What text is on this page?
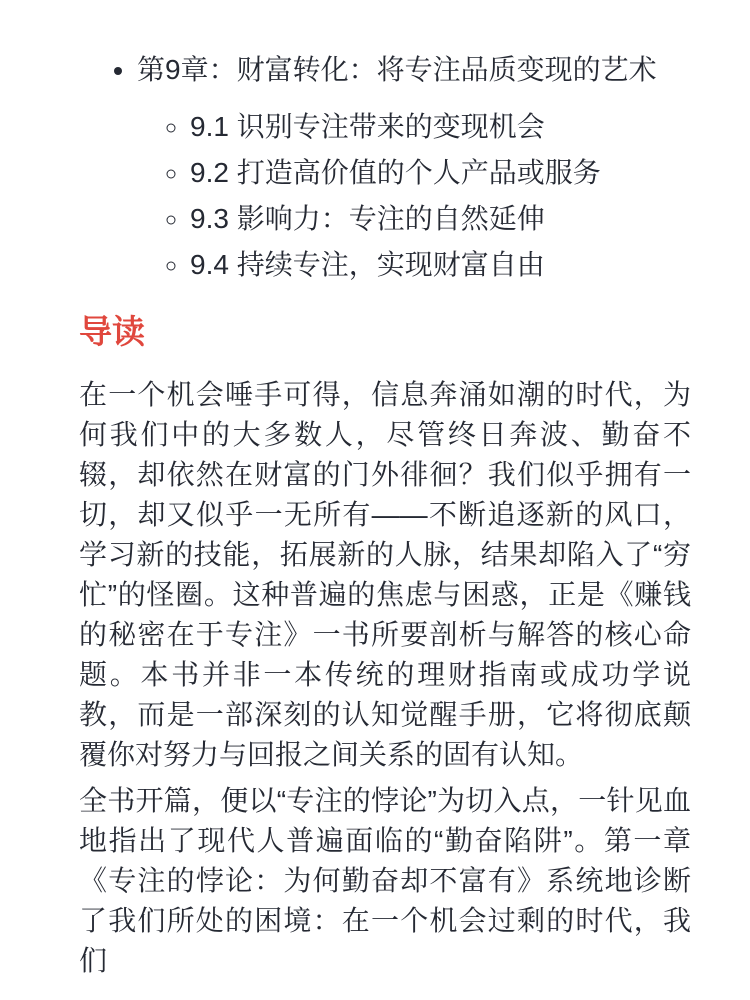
• 第9章：财富转化：将专注品质变现的艺术
◦ 9.1 识别专注带来的变现机会
◦ 9.2 打造高价值的个人产品或服务
◦ 9.3 影响力：专注的自然延伸
◦ 9.4 持续专注，实现财富自由
导读

在一个机会唾手可得，信息奔涌如潮的时代，为何我们中的大多数人，尽管终日奔波、勤奋不辍，却依然在财富的门外徘徊？我们似乎拥有一切，却又似乎一无所有——不断追逐新的风口，学习新的技能，拓展新的人脉，结果却陷入了“穷忙”的怪圈。这种普遍的焦虑与困惑，正是《赚钱的秘密在于专注》一书所要剖析与解答的核心命题。本书并非一本传统的理财指南或成功学说教，而是一部深刻的认知觉醒手册，它将彻底颠覆你对努力与回报之间关系的固有认知。

全书开篇，便以“专注的悖论”为切入点，一针见血地指出了现代人普遍面临的“勤奋陷阱”。第一章《专注的悖论：为何勤奋却不富有》系统地诊断了我们所处的困境：在一个机会过剩的时代，我们
